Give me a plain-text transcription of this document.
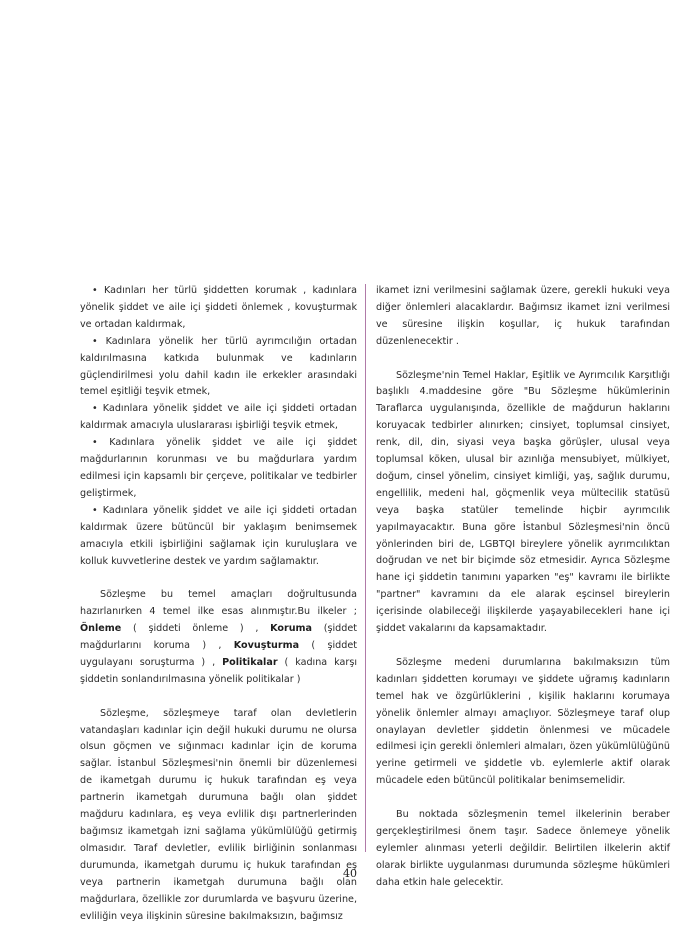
• Kadınları her türlü şiddetten korumak , kadınlara yönelik şiddet ve aile içi şiddeti önlemek , kovuşturmak ve ortadan kaldırmak,

• Kadınlara yönelik her türlü ayrımcılığın ortadan kaldırılmasına katkıda bulunmak ve kadınların güçlendirilmesi yolu dahil kadın ile erkekler arasındaki temel eşitliği teşvik etmek,

• Kadınlara yönelik şiddet ve aile içi şiddeti ortadan kaldırmak amacıyla uluslararası işbirliği teşvik etmek,

• Kadınlara yönelik şiddet ve aile içi şiddet mağdurlarının korunması ve bu mağdurlara yardım edilmesi için kapsamlı bir çerçeve, politikalar ve tedbirler geliştirmek,

• Kadınlara yönelik şiddet ve aile içi şiddeti ortadan kaldırmak üzere bütüncül bir yaklaşım benimsemek amacıyla etkili işbirliğini sağlamak için kuruluşlara ve kolluk kuvvetlerine destek ve yardım sağlamaktır.

Sözleşme bu temel amaçları doğrultusunda hazırlanırken 4 temel ilke esas alınmıştır.Bu ilkeler ; Önleme ( şiddeti önleme ) , Koruma (şiddet mağdurlarını koruma ) , Kovuşturma ( şiddet uygulayanı soruşturma ) , Politikalar ( kadına karşı şiddetin sonlandırılmasına yönelik politikalar )

Sözleşme, sözleşmeye taraf olan devletlerin vatandaşları kadınlar için değil hukuki durumu ne olursa olsun göçmen ve sığınmacı kadınlar için de koruma sağlar. İstanbul Sözleşmesi'nin önemli bir düzenlemesi de ikametgah durumu iç hukuk tarafından eş veya partnerin ikametgah durumuna bağlı olan şiddet mağduru kadınlara, eş veya evlilik dışı partnerlerinden bağımsız ikametgah izni sağlama yükümlülüğü getirmiş olmasıdır. Taraf devletler, evlilik birliğinin sonlanması durumunda, ikametgah durumu iç hukuk tarafından eş veya partnerin ikametgah durumuna bağlı olan mağdurlara, özellikle zor durumlarda ve başvuru üzerine, evliliğin veya ilişkinin süresine bakılmaksızın, bağımsız

ikamet izni verilmesini sağlamak üzere, gerekli hukuki veya diğer önlemleri alacaklardır. Bağımsız ikamet izni verilmesi ve süresine ilişkin koşullar, iç hukuk tarafından düzenlenecektir .

Sözleşme'nin Temel Haklar, Eşitlik ve Ayrımcılık Karşıtlığı başlıklı 4.maddesine göre "Bu Sözleşme hükümlerinin Taraflarca uygulanışında, özellikle de mağdurun haklarını koruyacak tedbirler alınırken; cinsiyet, toplumsal cinsiyet, renk, dil, din, siyasi veya başka görüşler, ulusal veya toplumsal köken, ulusal bir azınlığa mensubiyet, mülkiyet, doğum, cinsel yönelim, cinsiyet kimliği, yaş, sağlık durumu, engellilik, medeni hal, göçmenlik veya mültecilik statüsü veya başka statüler temelinde hiçbir ayrımcılık yapılmayacaktır. Buna göre İstanbul Sözleşmesi'nin öncü yönlerinden biri de, LGBTQI bireylere yönelik ayrımcılıktan doğrudan ve net bir biçimde söz etmesidir. Ayrıca Sözleşme hane içi şiddetin tanımını yaparken "eş" kavramı ile birlikte "partner" kavramını da ele alarak eşcinsel bireylerin içerisinde olabileceği ilişkilerde yaşayabilecekleri hane içi şiddet vakalarını da kapsamaktadır.

Sözleşme medeni durumlarına bakılmaksızın tüm kadınları şiddetten korumayı ve şiddete uğramış kadınların temel hak ve özgürlüklerini , kişilik haklarını korumaya yönelik önlemler almayı amaçlıyor. Sözleşmeye taraf olup onaylayan devletler şiddetin önlenmesi ve mücadele edilmesi için gerekli önlemleri almaları, özen yükümlülüğünü yerine getirmeli ve şiddetle vb. eylemlerle aktif olarak mücadele eden bütüncül politikalar benimsemelidir.

Bu noktada sözleşmenin temel ilkelerinin beraber gerçekleştirilmesi önem taşır. Sadece önlemeye yönelik eylemler alınması yeterli değildir. Belirtilen ilkelerin aktif olarak birlikte uygulanması durumunda sözleşme hükümleri daha etkin hale gelecektir.

40
